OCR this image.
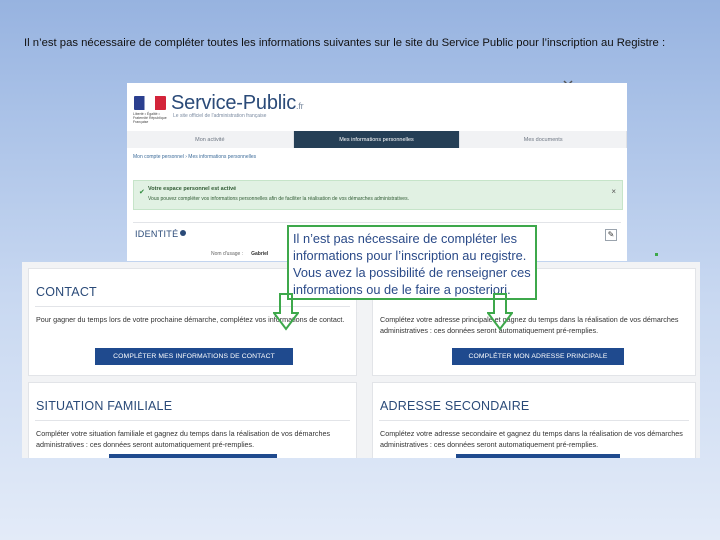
Il n’est pas nécessaire de compléter toutes les informations suivantes sur le site du Service Public pour l’inscription au Registre :
Liberté • Égalité • Fraternité République Française
Service-Public.fr
Le site officiel de l'administration française
Mon activité	Mes informations personnelles	Mes documents
Mon compte personnel › Mes informations personnelles
✔ Votre espace personnel est activé
Vous pouvez compléter vos informations personnelles afin de faciliter la réalisation de vos démarches administratives.
×
IDENTITÉ	✎
Nom d'usage : Gabriel
CONTACT
Pour gagner du temps lors de votre prochaine démarche, complétez vos informations de contact.
COMPLÉTER MES INFORMATIONS DE CONTACT
Complétez votre adresse principale et gagnez du temps dans la réalisation de vos démarches administratives : ces données seront automatiquement pré-remplies.
COMPLÉTER MON ADRESSE PRINCIPALE
SITUATION FAMILIALE
Compléter votre situation familiale et gagnez du temps dans la réalisation de vos démarches administratives : ces données seront automatiquement pré-remplies.
ADRESSE SECONDAIRE
Complétez votre adresse secondaire et gagnez du temps dans la réalisation de vos démarches administratives : ces données seront automatiquement pré-remplies.
Il n’est pas nécessaire de compléter les informations pour l’inscription au registre. Vous avez la possibilité de renseigner ces informations ou de le faire a posteriori.
